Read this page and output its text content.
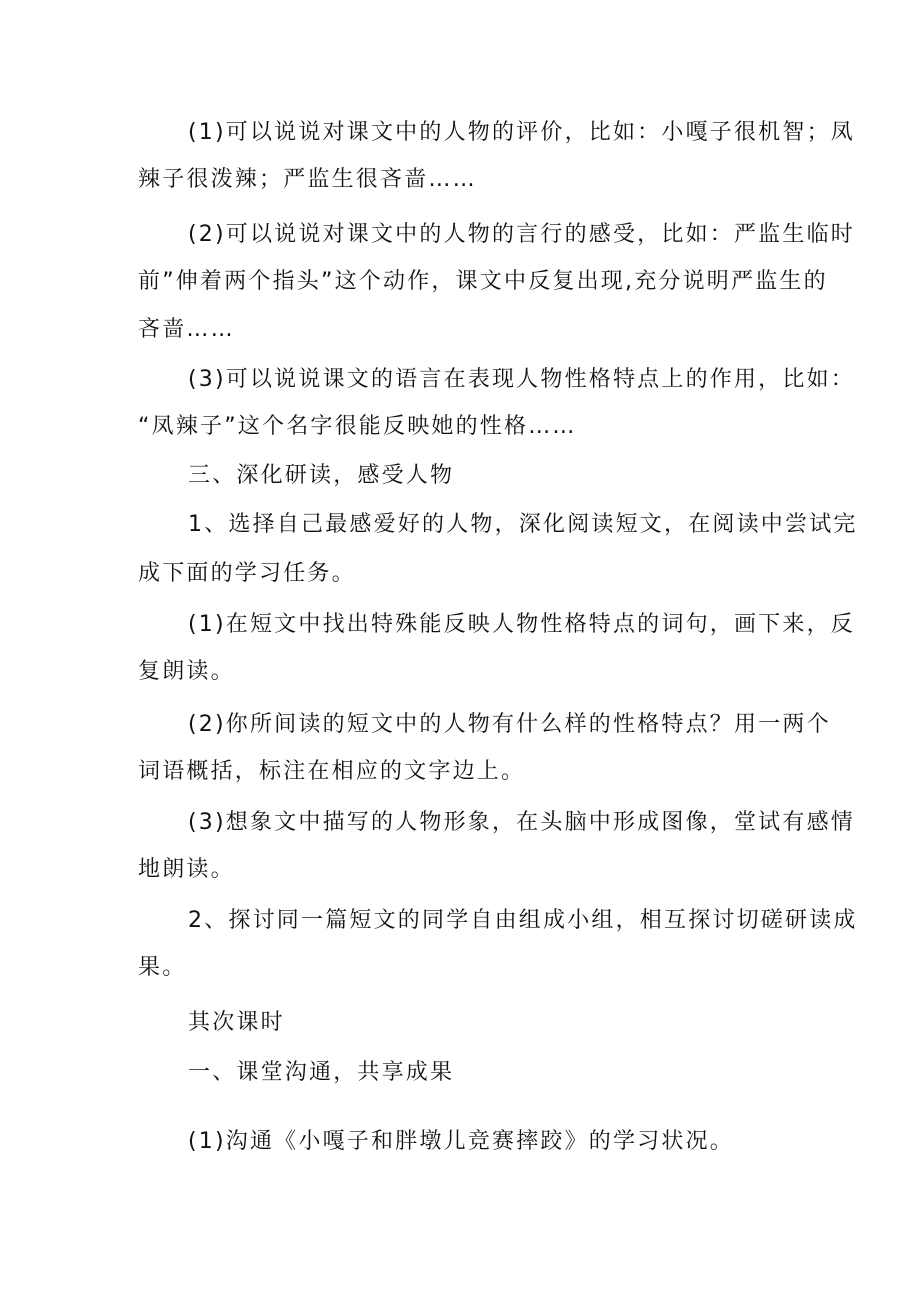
(1)可以说说对课文中的人物的评价，比如：小嘎子很机智；凤
辣子很泼辣；严监生很吝啬……
(2)可以说说对课文中的人物的言行的感受，比如：严监生临时
前”伸着两个指头”这个动作，课文中反复出现,充分说明严监生的
吝啬……
(3)可以说说课文的语言在表现人物性格特点上的作用，比如：
“凤辣子”这个名字很能反映她的性格……
三、深化研读，感受人物
1、选择自己最感爱好的人物，深化阅读短文，在阅读中尝试完
成下面的学习任务。
(1)在短文中找出特殊能反映人物性格特点的词句，画下来，反
复朗读。
(2)你所间读的短文中的人物有什么样的性格特点？用一两个
词语概括，标注在相应的文字边上。
(3)想象文中描写的人物形象，在头脑中形成图像，堂试有感情
地朗读。
2、探讨同一篇短文的同学自由组成小组，相互探讨切磋研读成
果。
其次课时
一、课堂沟通，共享成果
(1)沟通《小嘎子和胖墩儿竞赛摔跤》的学习状况。
